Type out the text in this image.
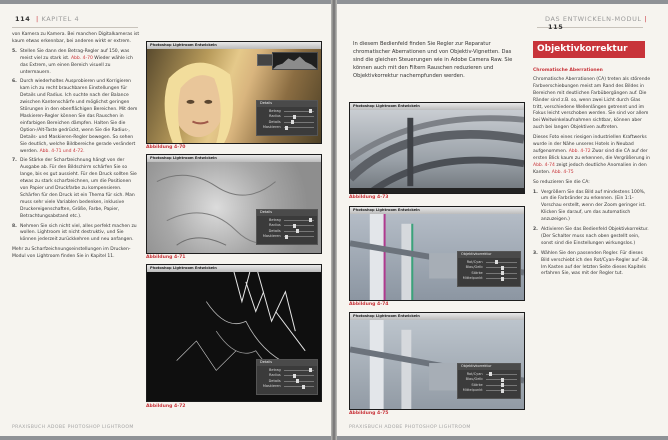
114 | KAPITEL 4
von Kamera zu Kamera. Bei manchen Digitalkameras ist kaum etwas erkennbar, bei anderen wirkt er extrem.
5. Stellen Sie dann den Betrag-Regler auf 150, was meist viel zu stark ist. Abb. 4-70 Wieder wähle ich das Extrem, um einen Bereich visuell zu untermauern.
6. Durch wiederholtes Ausprobieren und Korrigieren kam ich zu recht brauchbaren Einstellungen für Details und Radius. Ich suchte nach der Balance zwischen Kantenschärfe und möglichst geringen Störungen in den ebenflächigen Bereichen. Mit dem Maskieren-Regler können Sie das Rauschen in einfarbigen Bereichen dämpfen. Halten Sie die Option-/Alt-Taste gedrückt, wenn Sie die Radius-, Details- und Maskieren-Regler bewegen. So sehen Sie deutlich, welche Bildbereiche gerade verändert werden. Abb. 4-71 und 4-72.
7. Die Stärke der Scharfzeichnung hängt von der Ausgabe ab. Für den Bildschirm schärfen Sie so lange, bis es gut aussieht. Für den Druck sollten Sie etwas zu stark scharfzeichnen, um die Positionen von Papier und Druckfarbe zu kompensieren. Schärfen für den Druck ist ein Thema für sich. Man muss sehr viele Variablen bedenken, inklusive Druckereigenschaften, Größe, Farbe, Papier, Betrachtungsabstand etc.).
8. Nehmen Sie sich nicht viel, alles perfekt machen zu wollen. Lightroom ist nicht destruktiv, und Sie können jederzeit zurückkehren und neu anfangen.
Mehr zu Scharfzeichnungseinstellungen im Drucken-Modul von Lightroom finden Sie in Kapitel 11.
Photoshop Lightroom Entwickeln
Details
Betrag
Radius
Details
Maskieren
Abbildung 4-70
Photoshop Lightroom Entwickeln
Details
Betrag
Radius
Details
Maskieren
Abbildung 4-71
Photoshop Lightroom Entwickeln
Details
Betrag
Radius
Details
Maskieren
Abbildung 4-72
PRAXISBUCH ADOBE PHOTOSHOP LIGHTROOM
DAS ENTWICKELN-MODUL | 115
In diesem Bedienfeld finden Sie Regler zur Reparatur chromatischer Aberrationen und von Objektiv-Vignetten. Das sind die gleichen Steuerungen wie in Adobe Camera Raw. Sie können auch mit den Filtern Rauschen reduzieren und Objektivkorrektur nachempfunden werden.
Objektivkorrektur
Chromatische Aberrationen
Chromatische Aberrationen (CA) treten als störende Farbverschiebungen meist am Rand des Bildes in Bereichen mit deutlichen Farbübergängen auf. Die Ränder sind z.B. so, wenn zwei Licht durch Glas tritt, verschiedene Wellenlängen getrennt und im Fokus leicht verschoben werden. Sie sind vor allem bei Weitwinkelaufnahmen sichtbar, können aber auch bei langen Objektiven auftreten.
Dieses Foto eines riesigen industriellen Kraftwerks wurde in der Nähe unseres Hotels in Neubad aufgenommen. Abb. 4-72 Zwar sind die CA auf der ersten Blick kaum zu erkennen, die Vergrößerung in Abb. 4-74 zeigt jedoch deutliche Anomalien in den Kanten. Abb. 4-75
So reduzieren Sie die CA:
1. Vergrößern Sie das Bild auf mindestens 100%, um die Farbränder zu erkennen. (Ein 1:1-Vorschau erstellt, wenn der Zoom geringer ist. Klicken Sie darauf, um das automatisch anzuzeigen.)
2. Aktivieren Sie das Bedienfeld Objektivkorrektur. (Der Schalter muss nach oben gestellt sein, sonst sind die Einstellungen wirkungslos.)
3. Wählen Sie den passenden Regler. Für dieses Bild verschiebt ich den Rot/Cyan-Regler auf -38. Im Kasten auf der letzten Seite dieses Kapitels erfahren Sie, was mit der Regler tut.
Photoshop Lightroom Entwickeln
Abbildung 4-73
Photoshop Lightroom Entwickeln
Objektivkorrektur
Rot/Cyan
Blau/Gelb
Stärke
Mittelpunkt
Abbildung 4-74
Photoshop Lightroom Entwickeln
Objektivkorrektur
Rot/Cyan
Blau/Gelb
Stärke
Mittelpunkt
Abbildung 4-75
PRAXISBUCH ADOBE PHOTOSHOP LIGHTROOM
